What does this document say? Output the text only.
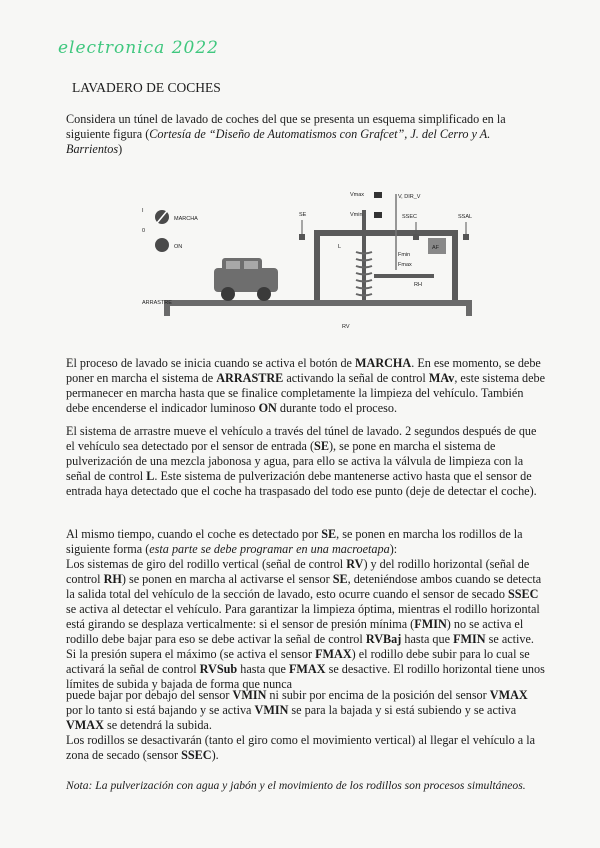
electronica 2022
LAVADERO DE COCHES

Considera un túnel de lavado de coches del que se presenta un esquema simplificado en la siguiente figura (Cortesía de “Diseño de Automatismos con Grafcet”, J. del Cerro y A. Barrientos)

I
0
MARCHA
ON
ARRASTRE
SE
L
Vmax
Vmin
V, DIR_V
Fmin
Fmax
RH
RV
SSEC	SSAL
AF

El proceso de lavado se inicia cuando se activa el botón de MARCHA. En ese momento, se debe poner en marcha el sistema de ARRASTRE activando la señal de control MAv, este sistema debe permanecer en marcha hasta que se finalice completamente la limpieza del vehículo. También debe encenderse el indicador luminoso ON durante todo el proceso.

El sistema de arrastre mueve el vehículo a través del túnel de lavado. 2 segundos después de que el vehículo sea detectado por el sensor de entrada (SE), se pone en marcha el sistema de pulverización de una mezcla jabonosa y agua, para ello se activa la válvula de limpieza con la señal de control L. Este sistema de pulverización debe mantenerse activo hasta que el sensor de entrada haya detectado que el coche ha traspasado del todo ese punto (deje de detectar el coche).

Al mismo tiempo, cuando el coche es detectado por SE, se ponen en marcha los rodillos de la siguiente forma (esta parte se debe programar en una macroetapa):
Los sistemas de giro del rodillo vertical (señal de control RV) y del rodillo horizontal (señal de control RH) se ponen en marcha al activarse el sensor SE, deteniéndose ambos cuando se detecta la salida total del vehículo de la sección de lavado, esto ocurre cuando el sensor de secado SSEC se activa al detectar el vehículo. Para garantizar la limpieza óptima, mientras el rodillo horizontal está girando se desplaza verticalmente: si el sensor de presión mínima (FMIN) no se activa el rodillo debe bajar para eso se debe activar la señal de control RVBaj hasta que FMIN se active. Si la presión supera el máximo (se activa el sensor FMAX) el rodillo debe subir para lo cual se activará la señal de control RVSub hasta que FMAX se desactive. El rodillo horizontal tiene unos límites de subida y bajada de forma que nunca

puede bajar por debajo del sensor VMIN ni subir por encima de la posición del sensor VMAX por lo tanto si está bajando y se activa VMIN se para la bajada y si está subiendo y se activa VMAX se detendrá la subida.
Los rodillos se desactivarán (tanto el giro como el movimiento vertical) al llegar el vehículo a la zona de secado (sensor SSEC).

Nota: La pulverización con agua y jabón y el movimiento de los rodillos son procesos simultáneos.
